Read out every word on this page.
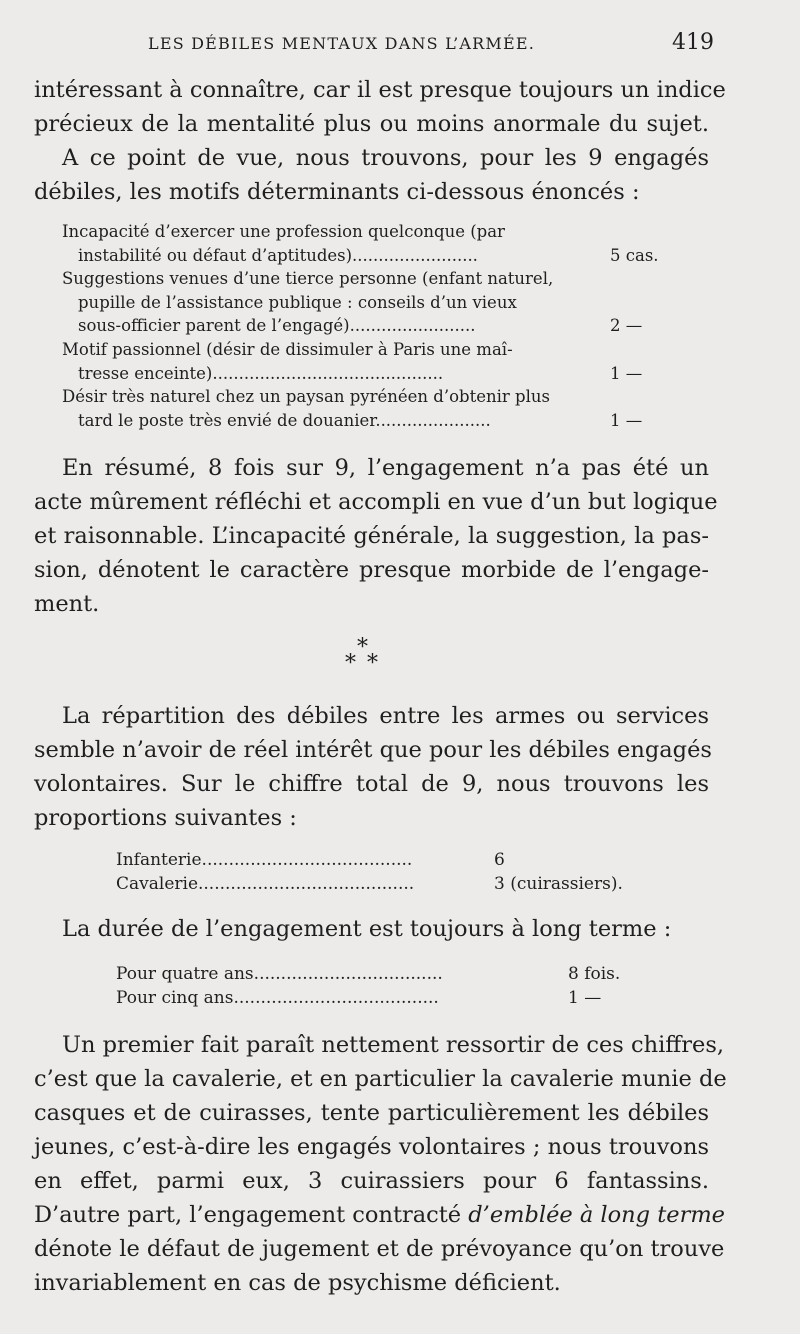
LES DÉBILES MENTAUX DANS L’ARMÉE.	419
intéressant à connaître, car il est presque toujours un indice
précieux de la mentalité plus ou moins anormale du sujet.
A ce point de vue, nous trouvons, pour les 9 engagés
débiles, les motifs déterminants ci-dessous énoncés :
Incapacité d’exercer une profession quelconque (par
instabilité ou défaut d’aptitudes)........................	5 cas.
Suggestions venues d’une tierce personne (enfant naturel,
pupille de l’assistance publique : conseils d’un vieux
sous-officier parent de l’engagé)........................	2 —
Motif passionnel (désir de dissimuler à Paris une maî-
tresse enceinte)............................................	1 —
Désir très naturel chez un paysan pyrénéen d’obtenir plus
tard le poste très envié de douanier......................	1 —
En résumé, 8 fois sur 9, l’engagement n’a pas été un
acte mûrement réfléchi et accompli en vue d’un but logique
et raisonnable. L’incapacité générale, la suggestion, la pas-
sion, dénotent le caractère presque morbide de l’engage-
ment.
*
* *
La répartition des débiles entre les armes ou services
semble n’avoir de réel intérêt que pour les débiles engagés
volontaires. Sur le chiffre total de 9, nous trouvons les
proportions suivantes :
Infanterie.......................................	6
Cavalerie........................................	3 (cuirassiers).
La durée de l’engagement est toujours à long terme :
Pour quatre ans...................................	8 fois.
Pour cinq ans......................................	1 —
Un premier fait paraît nettement ressortir de ces chiffres,
c’est que la cavalerie, et en particulier la cavalerie munie de
casques et de cuirasses, tente particulièrement les débiles
jeunes, c’est-à-dire les engagés volontaires ; nous trouvons
en effet, parmi eux, 3 cuirassiers pour 6 fantassins.
D’autre part, l’engagement contracté d’emblée à long terme
dénote le défaut de jugement et de prévoyance qu’on trouve
invariablement en cas de psychisme déficient.
